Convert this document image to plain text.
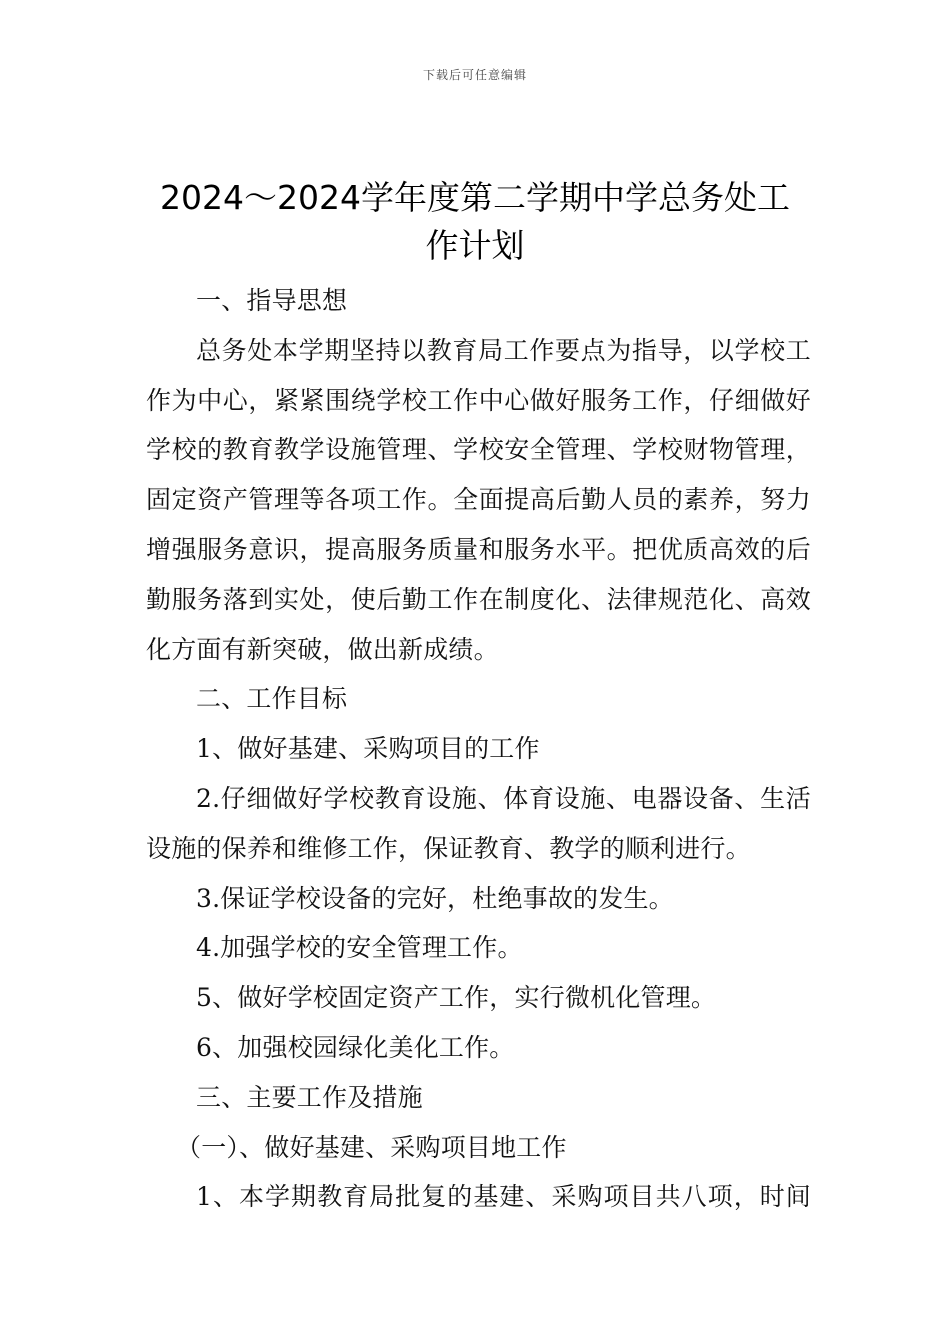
下载后可任意编辑
2024～2024学年度第二学期中学总务处工
作计划

一、指导思想

总务处本学期坚持以教育局工作要点为指导，以学校工作为中心，紧紧围绕学校工作中心做好服务工作，仔细做好学校的教育教学设施管理、学校安全管理、学校财物管理，固定资产管理等各项工作。全面提高后勤人员的素养，努力增强服务意识，提高服务质量和服务水平。把优质高效的后勤服务落到实处，使后勤工作在制度化、法律规范化、高效化方面有新突破，做出新成绩。

二、工作目标

1、做好基建、采购项目的工作

2.仔细做好学校教育设施、体育设施、电器设备、生活设施的保养和维修工作，保证教育、教学的顺利进行。

3.保证学校设备的完好，杜绝事故的发生。

4.加强学校的安全管理工作。

5、做好学校固定资产工作，实行微机化管理。

6、加强校园绿化美化工作。

三、主要工作及措施

（一）、做好基建、采购项目地工作

1、本学期教育局批复的基建、采购项目共八项，时间
